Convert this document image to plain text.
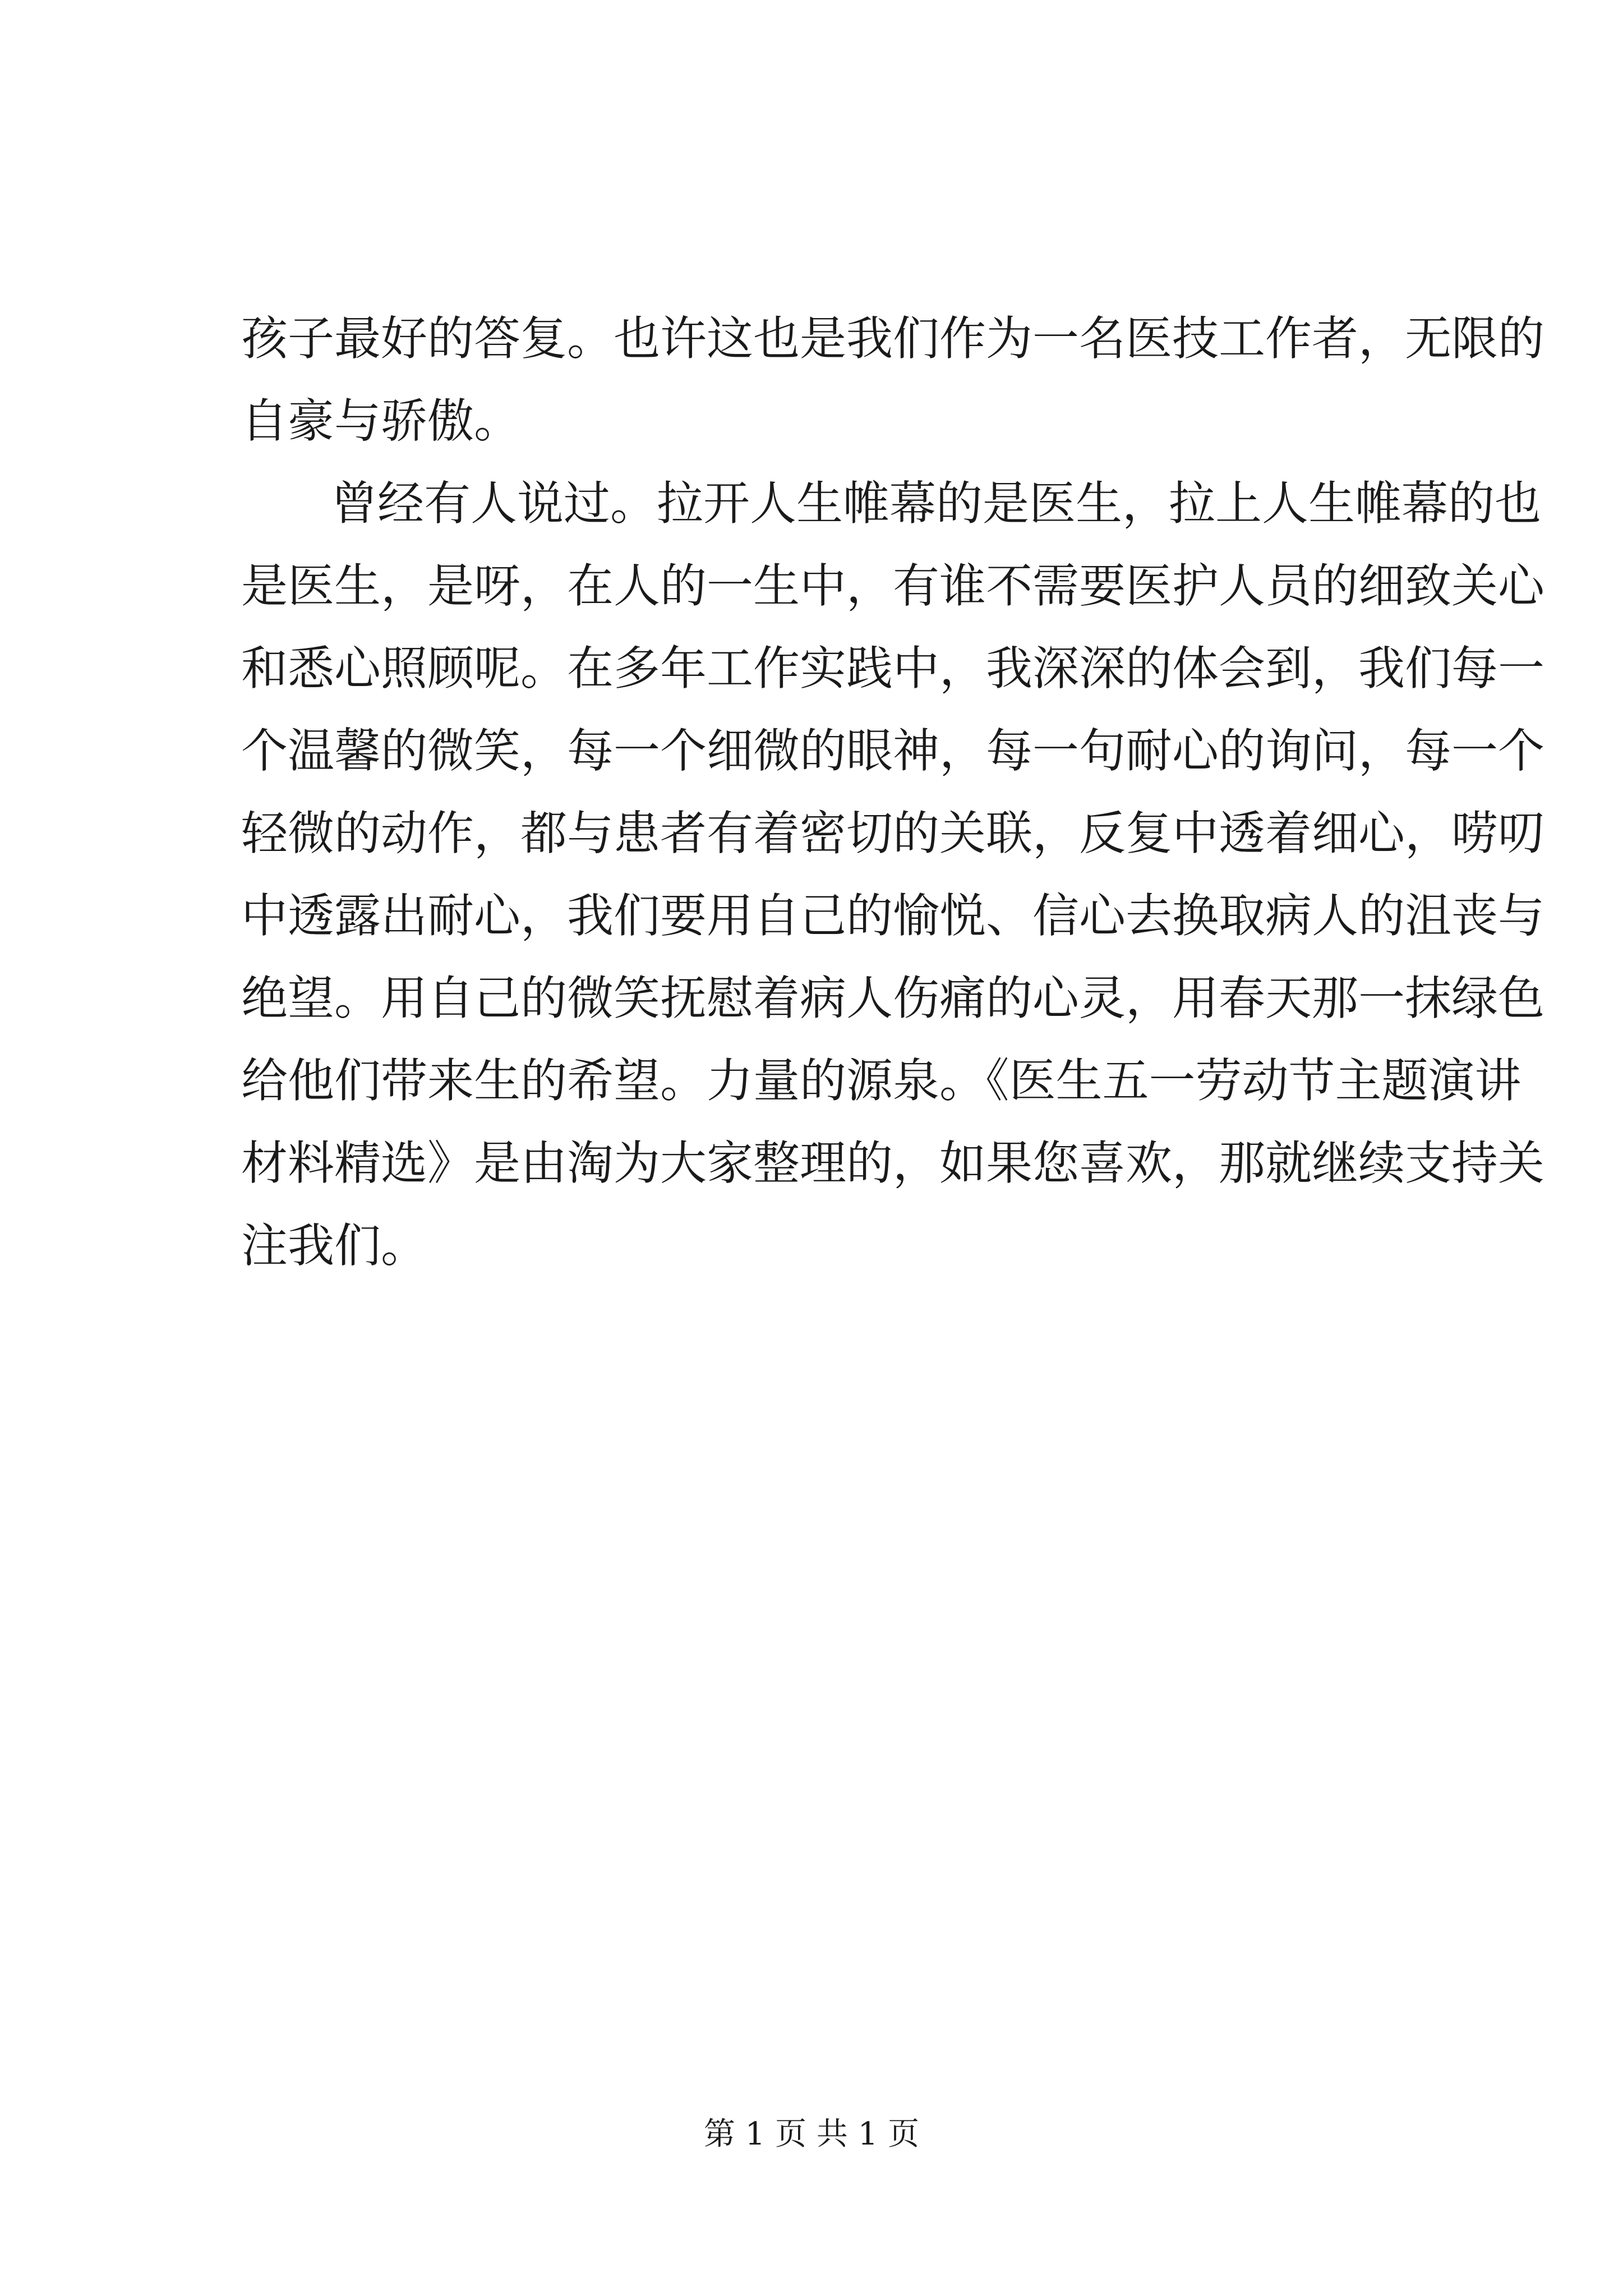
孩子最好的答复。也许这也是我们作为一名医技工作者，无限的
自豪与骄傲。
曾经有人说过。拉开人生帷幕的是医生，拉上人生帷幕的也
是医生，是呀，在人的一生中，有谁不需要医护人员的细致关心
和悉心照顾呢。在多年工作实践中，我深深的体会到，我们每一
个温馨的微笑，每一个细微的眼神，每一句耐心的询问，每一个
轻微的动作，都与患者有着密切的关联，反复中透着细心，唠叨
中透露出耐心，我们要用自己的愉悦、信心去换取病人的沮丧与
绝望。用自己的微笑抚慰着病人伤痛的心灵，用春天那一抹绿色
给他们带来生的希望。力量的源泉。《医生五一劳动节主题演讲
材料精选》是由淘为大家整理的，如果您喜欢，那就继续支持关
注我们。
第 1 页 共 1 页
